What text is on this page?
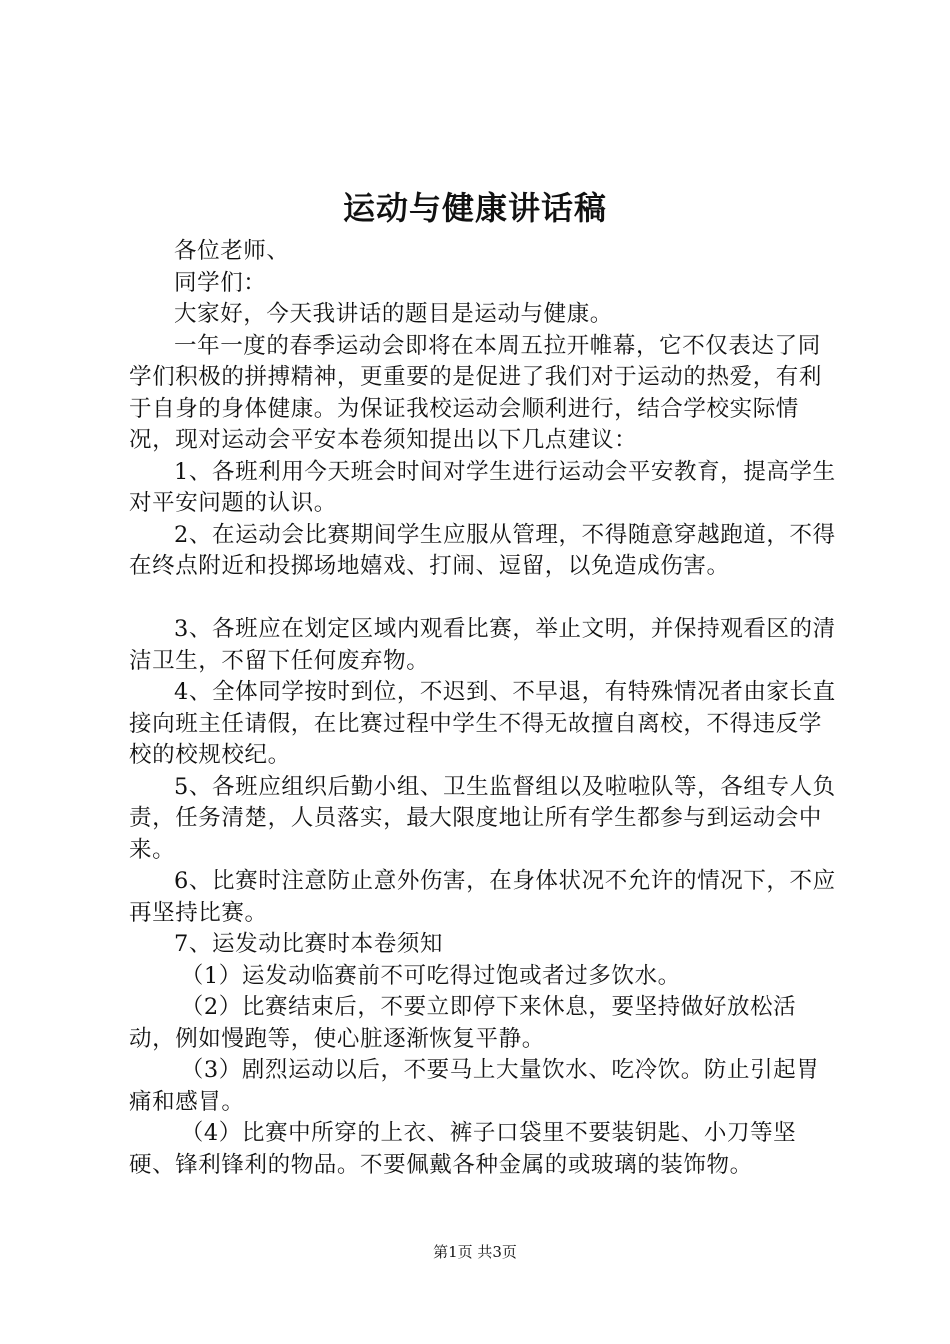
运动与健康讲话稿

各位老师、

同学们：

大家好，今天我讲话的题目是运动与健康。

一年一度的春季运动会即将在本周五拉开帷幕，它不仅表达了同学们积极的拼搏精神，更重要的是促进了我们对于运动的热爱，有利于自身的身体健康。为保证我校运动会顺利进行，结合学校实际情况，现对运动会平安本卷须知提出以下几点建议：

1、各班利用今天班会时间对学生进行运动会平安教育，提高学生对平安问题的认识。

2、在运动会比赛期间学生应服从管理，不得随意穿越跑道，不得在终点附近和投掷场地嬉戏、打闹、逗留，以免造成伤害。

3、各班应在划定区域内观看比赛，举止文明，并保持观看区的清洁卫生，不留下任何废弃物。

4、全体同学按时到位，不迟到、不早退，有特殊情况者由家长直接向班主任请假，在比赛过程中学生不得无故擅自离校，不得违反学校的校规校纪。

5、各班应组织后勤小组、卫生监督组以及啦啦队等，各组专人负责，任务清楚，人员落实，最大限度地让所有学生都参与到运动会中来。

6、比赛时注意防止意外伤害，在身体状况不允许的情况下，不应再坚持比赛。

7、运发动比赛时本卷须知

（1）运发动临赛前不可吃得过饱或者过多饮水。

（2）比赛结束后，不要立即停下来休息，要坚持做好放松活动，例如慢跑等，使心脏逐渐恢复平静。

（3）剧烈运动以后，不要马上大量饮水、吃冷饮。防止引起胃痛和感冒。

（4）比赛中所穿的上衣、裤子口袋里不要装钥匙、小刀等坚硬、锋利锋利的物品。不要佩戴各种金属的或玻璃的装饰物。

第1页 共3页
